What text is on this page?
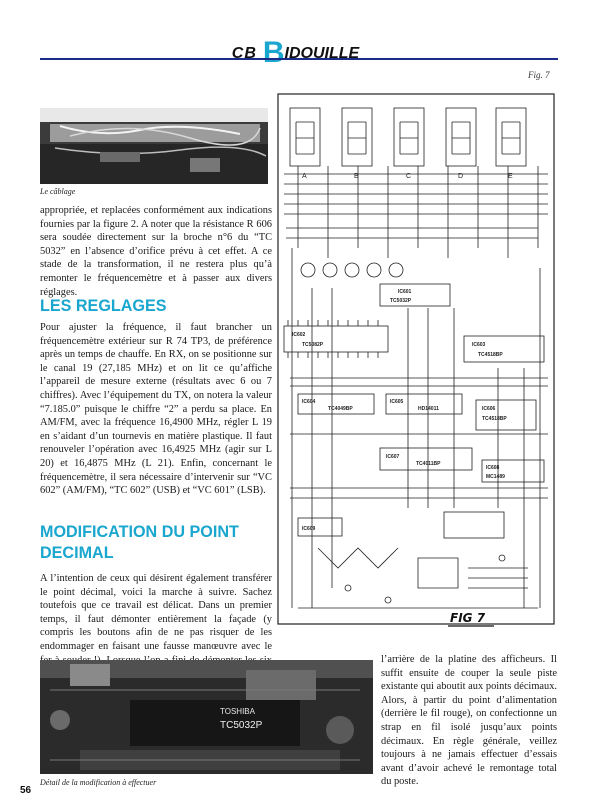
CB BIDOUILLE
Fig. 7
Le câblage

appropriée, et replacées conformément aux indications fournies par la figure 2. A noter que la résistance R 606 sera soudée directement sur la broche n°6 du “TC 5032” en l’absence d’orifice prévu à cet effet. A ce stade de la transformation, il ne restera plus qu’à remonter le fréquencemètre et à passer aux divers réglages.

LES REGLAGES

Pour ajuster la fréquence, il faut brancher un fréquencemètre extérieur sur R 74 TP3, de préférence après un temps de chauffe. En RX, on se positionne sur le canal 19 (27,185 MHz) et on lit ce qu’affiche l’appareil de mesure externe (résultats avec 6 ou 7 chiffres). Avec l’équipement du TX, on notera la valeur “7.185.0” puisque le chiffre “2” a perdu sa place. En AM/FM, avec la fréquence 16,4900 MHz, régler L 19 en s’aidant d’un tournevis en matière plastique. Il faut renouveler l’opération avec 16,4925 MHz (agir sur L 20) et 16,4875 MHz (L 21). Enfin, concernant le fréquencemètre, il sera nécessaire d’intervenir sur “VC 602” (AM/FM), “TC 602” (USB) et “VC 601” (LSB).

MODIFICATION DU POINT
DECIMAL

A l’intention de ceux qui désirent également transférer le point décimal, voici la marche à suivre. Sachez toutefois que ce travail est délicat. Dans un premier temps, il faut démonter entièrement la façade (y compris les boutons afin de ne pas risquer de les endommager en faisant une fausse manœuvre avec le

A	B	C	D	E
IC601
TC5032P
IC602
TC5082P	IC603
TC4518BP
IC604
TC4049BP
IC605
HD14011	IC606
TC4518BP
IC607
TC4011BP
IC608
MC1489
IC609
FIG 7

l’arrière de la platine des afficheurs. Il suffit ensuite de couper la seule piste existante qui aboutit aux points décimaux. Alors, à partir du point d’alimentation (derrière le fil rouge), on confectionne un strap en fil isolé jusqu’aux points décimaux. En règle générale, veillez toujours à ne jamais effectuer d’essais avant d’avoir achevé le remontage total du poste.

TOSHIBA
TC5032P
Détail de la modification à effectuer
56
